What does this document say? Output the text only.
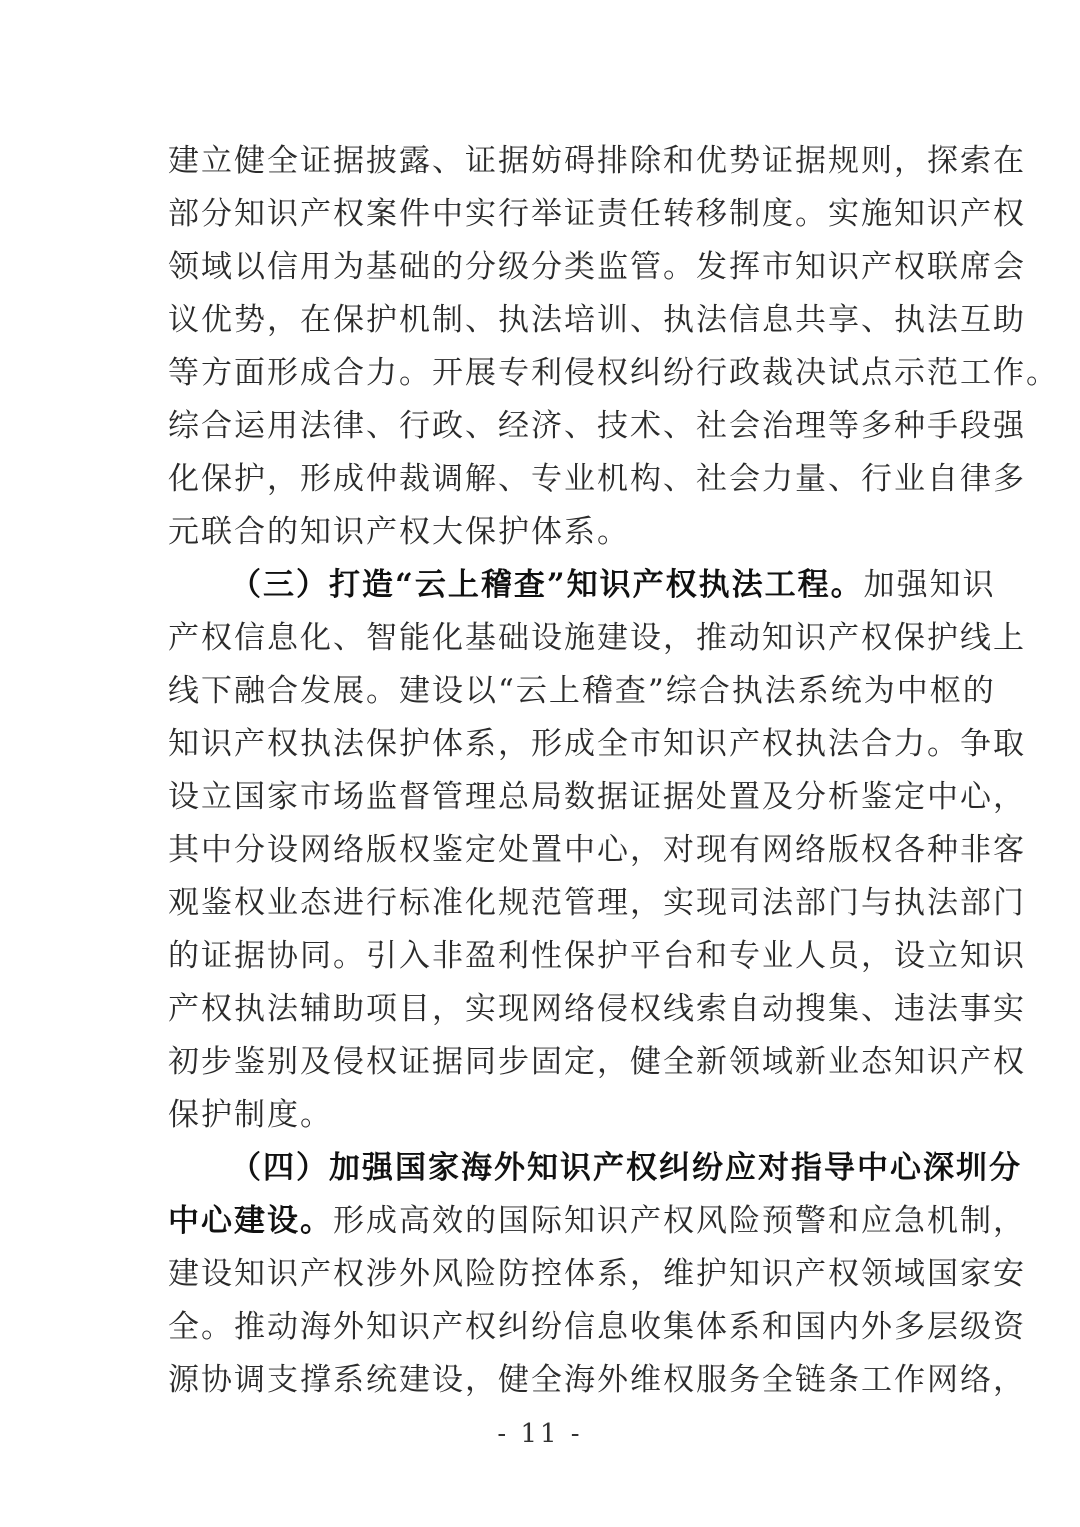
建立健全证据披露、证据妨碍排除和优势证据规则，探索在
部分知识产权案件中实行举证责任转移制度。实施知识产权
领域以信用为基础的分级分类监管。发挥市知识产权联席会
议优势，在保护机制、执法培训、执法信息共享、执法互助
等方面形成合力。开展专利侵权纠纷行政裁决试点示范工作。
综合运用法律、行政、经济、技术、社会治理等多种手段强
化保护，形成仲裁调解、专业机构、社会力量、行业自律多
元联合的知识产权大保护体系。
（三）打造“云上稽查”知识产权执法工程。加强知识
产权信息化、智能化基础设施建设，推动知识产权保护线上
线下融合发展。建设以“云上稽查”综合执法系统为中枢的
知识产权执法保护体系，形成全市知识产权执法合力。争取
设立国家市场监督管理总局数据证据处置及分析鉴定中心，
其中分设网络版权鉴定处置中心，对现有网络版权各种非客
观鉴权业态进行标准化规范管理，实现司法部门与执法部门
的证据协同。引入非盈利性保护平台和专业人员，设立知识
产权执法辅助项目，实现网络侵权线索自动搜集、违法事实
初步鉴别及侵权证据同步固定，健全新领域新业态知识产权
保护制度。
（四）加强国家海外知识产权纠纷应对指导中心深圳分
中心建设。形成高效的国际知识产权风险预警和应急机制，
建设知识产权涉外风险防控体系，维护知识产权领域国家安
全。推动海外知识产权纠纷信息收集体系和国内外多层级资
源协调支撑系统建设，健全海外维权服务全链条工作网络，
- 11 -
